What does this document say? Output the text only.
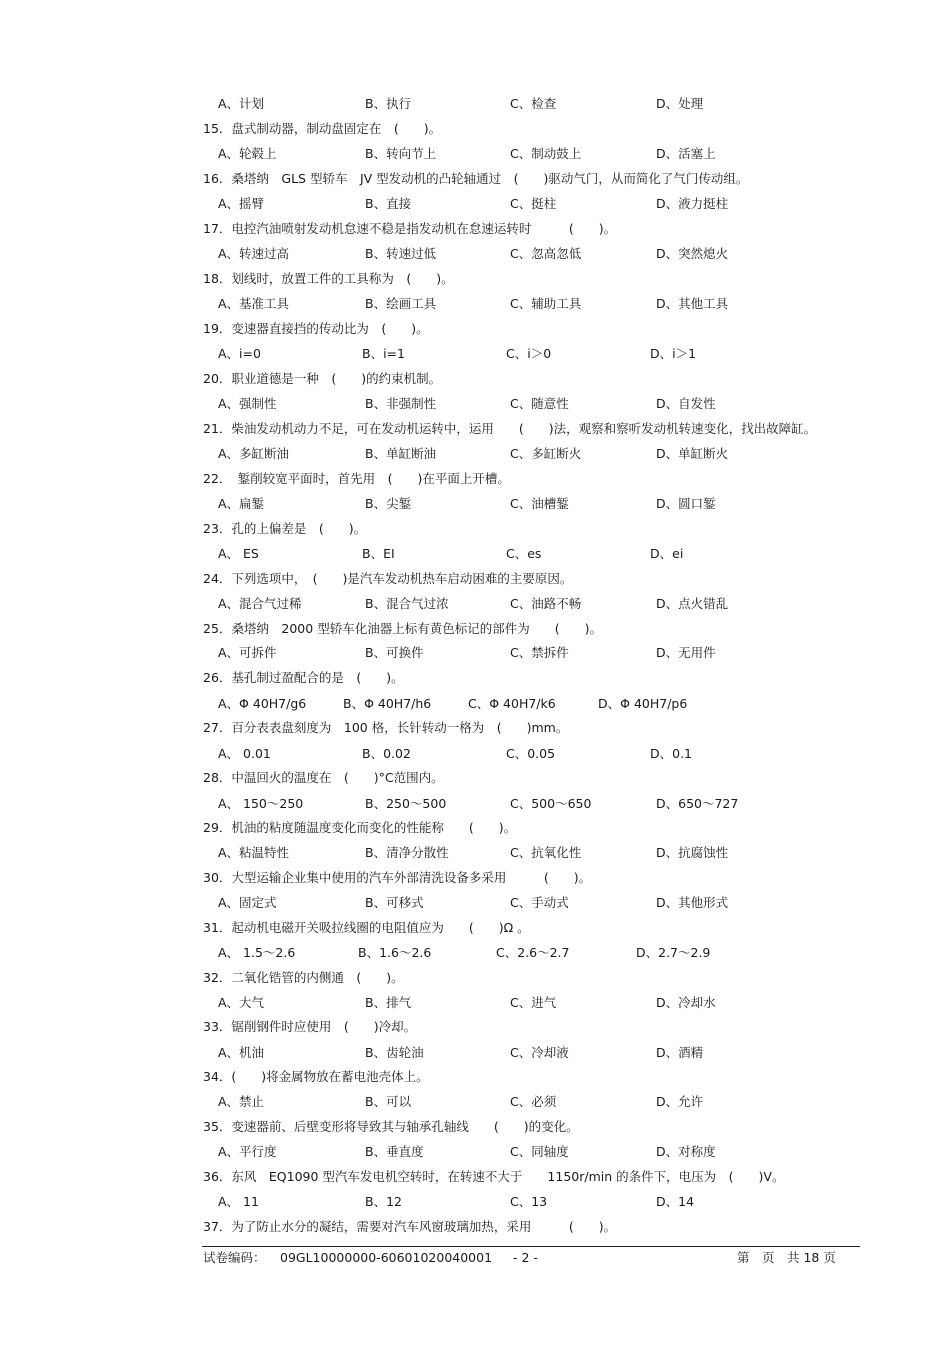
A、计划

	B、执行

	C、检查

	D、处理

15．盘式制动器，制动盘固定在　(　　)。

A、轮毂上

	B、转向节上

	C、制动鼓上

	D、活塞上

16．桑塔纳　GLS 型轿车　JV 型发动机的凸轮轴通过　(　　)驱动气门，从而简化了气门传动组。

A、摇臂

	B、直接

	C、挺柱

	D、液力挺柱

17．电控汽油喷射发动机怠速不稳是指发动机在怠速运转时　　　(　　)。

A、转速过高

	B、转速过低

	C、忽高忽低

	D、突然熄火

18．划线时，放置工件的工具称为　(　　)。

A、基准工具

	B、绘画工具

	C、辅助工具

	D、其他工具

19．变速器直接挡的传动比为　(　　)。

A、i=0

	B、i=1

	C、i＞0

	D、i＞1

20．职业道德是一种　(　　)的约束机制。

A、强制性

	B、非强制性

	C、随意性

	D、自发性

21．柴油发动机动力不足，可在发动机运转中，运用　　(　　)法，观察和察听发动机转速变化，找出故障缸。

A、多缸断油

	B、单缸断油

	C、多缸断火

	D、单缸断火

22．　錾削较宽平面时，首先用　(　　)在平面上开槽。

A、扁錾

	B、尖錾

	C、油槽錾

	D、圆口錾

23．孔的上偏差是　(　　)。

A、 ES

	B、EI

	C、es

	D、ei

24．下列选项中，　(　　)是汽车发动机热车启动困难的主要原因。

A、混合气过稀

	B、混合气过浓

	C、油路不畅

	D、点火错乱

25．桑塔纳　2000 型轿车化油器上标有黄色标记的部件为　　(　　)。

A、可拆件

	B、可换件

	C、禁拆件

	D、无用件

26．基孔制过盈配合的是　(　　)。

A、Φ 40H7/g6

	B、Φ 40H7/h6

	C、Φ 40H7/k6

	D、Φ 40H7/p6

27．百分表表盘刻度为　100 格，长针转动一格为　(　　)mm。

A、 0.01

	B、0.02

	C、0.05

	D、0.1

28．中温回火的温度在　(　　)°C范围内。

A、 150～250

	B、250～500

	C、500～650

	D、650～727

29．机油的粘度随温度变化而变化的性能称　　(　　)。

A、粘温特性

	B、清净分散性

	C、抗氧化性

	D、抗腐蚀性

30．大型运输企业集中使用的汽车外部清洗设备多采用　　　(　　)。

A、固定式

	B、可移式

	C、手动式

	D、其他形式

31．起动机电磁开关吸拉线圈的电阻值应为　　(　　)Ω 。

A、 1.5～2.6

	B、1.6～2.6

	C、2.6～2.7

	D、2.7～2.9

32．二氧化锆管的内侧通　(　　)。

A、大气

	B、排气

	C、进气

	D、冷却水

33．锯削钢件时应使用　(　　)冷却。

A、机油

	B、齿轮油

	C、冷却液

	D、酒精

34．(　　)将金属物放在蓄电池壳体上。

A、禁止

	B、可以

	C、必须

	D、允许

35．变速器前、后壁变形将导致其与轴承孔轴线　　(　　)的变化。

A、平行度

	B、垂直度

	C、同轴度

	D、对称度

36．东风　EQ1090 型汽车发电机空转时，在转速不大于　　1150r/min 的条件下，电压为　(　　)V。

A、 11

	B、12

	C、13

	D、14

37．为了防止水分的凝结，需要对汽车风窗玻璃加热，采用　　　(　　)。
试卷编码： 09GL10000000-60601020040001 - 2 -	第　页　共 18 页
